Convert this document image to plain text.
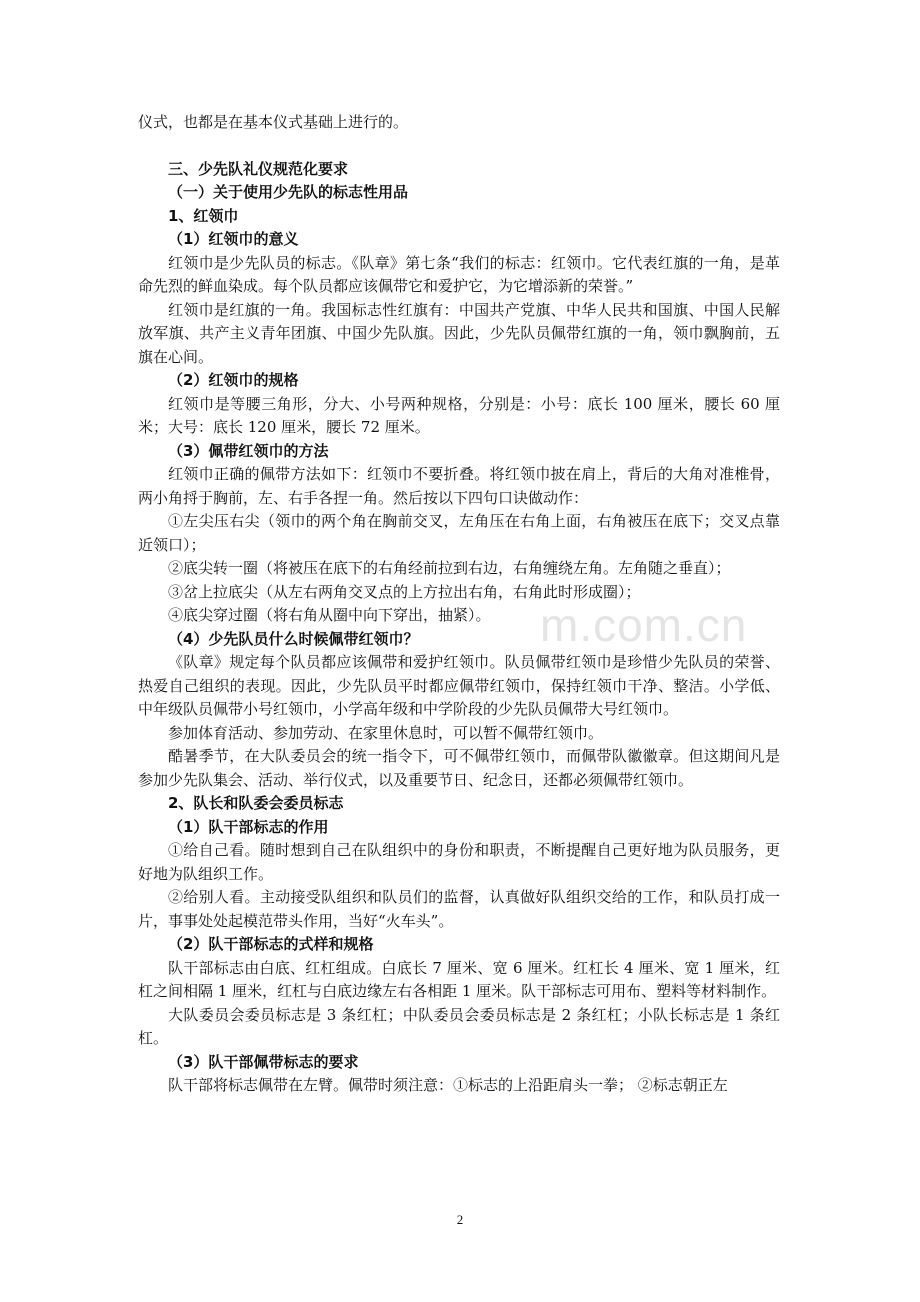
仪式，也都是在基本仪式基础上进行的。

三、少先队礼仪规范化要求

（一）关于使用少先队的标志性用品

1、红领巾

（1）红领巾的意义

红领巾是少先队员的标志。《队章》第七条“我们的标志：红领巾。它代表红旗的一角，是革命先烈的鲜血染成。每个队员都应该佩带它和爱护它，为它增添新的荣誉。”

红领巾是红旗的一角。我国标志性红旗有：中国共产党旗、中华人民共和国旗、中国人民解放军旗、共产主义青年团旗、中国少先队旗。因此，少先队员佩带红旗的一角，领巾飘胸前，五旗在心间。

（2）红领巾的规格

红领巾是等腰三角形，分大、小号两种规格，分别是：小号：底长 100 厘米，腰长 60 厘米；大号：底长 120 厘米，腰长 72 厘米。

（3）佩带红领巾的方法

红领巾正确的佩带方法如下：红领巾不要折叠。将红领巾披在肩上，背后的大角对准椎骨，两小角捋于胸前，左、右手各捏一角。然后按以下四句口诀做动作：

①左尖压右尖（领巾的两个角在胸前交叉，左角压在右角上面，右角被压在底下；交叉点靠近领口）；

②底尖转一圈（将被压在底下的右角经前拉到右边，右角缠绕左角。左角随之垂直）；

③岔上拉底尖（从左右两角交叉点的上方拉出右角，右角此时形成圈）；

④底尖穿过圈（将右角从圈中向下穿出，抽紧）。

（4）少先队员什么时候佩带红领巾？

《队章》规定每个队员都应该佩带和爱护红领巾。队员佩带红领巾是珍惜少先队员的荣誉、热爱自己组织的表现。因此，少先队员平时都应佩带红领巾，保持红领巾干净、整洁。小学低、中年级队员佩带小号红领巾，小学高年级和中学阶段的少先队员佩带大号红领巾。

参加体育活动、参加劳动、在家里休息时，可以暂不佩带红领巾。

酷暑季节，在大队委员会的统一指令下，可不佩带红领巾，而佩带队徽徽章。但这期间凡是参加少先队集会、活动、举行仪式，以及重要节日、纪念日，还都必须佩带红领巾。

2、队长和队委会委员标志

（1）队干部标志的作用

①给自己看。随时想到自己在队组织中的身份和职责，不断提醒自己更好地为队员服务，更好地为队组织工作。

②给别人看。主动接受队组织和队员们的监督，认真做好队组织交给的工作，和队员打成一片，事事处处起模范带头作用，当好“火车头”。

（2）队干部标志的式样和规格

队干部标志由白底、红杠组成。白底长 7 厘米、宽 6 厘米。红杠长 4 厘米、宽 1 厘米，红杠之间相隔 1 厘米，红杠与白底边缘左右各相距 1 厘米。队干部标志可用布、塑料等材料制作。

大队委员会委员标志是 3 条红杠；中队委员会委员标志是 2 条红杠；小队长标志是 1 条红杠。

（3）队干部佩带标志的要求

队干部将标志佩带在左臂。佩带时须注意：①标志的上沿距肩头一拳； ②标志朝正左

m.com.cn
2
